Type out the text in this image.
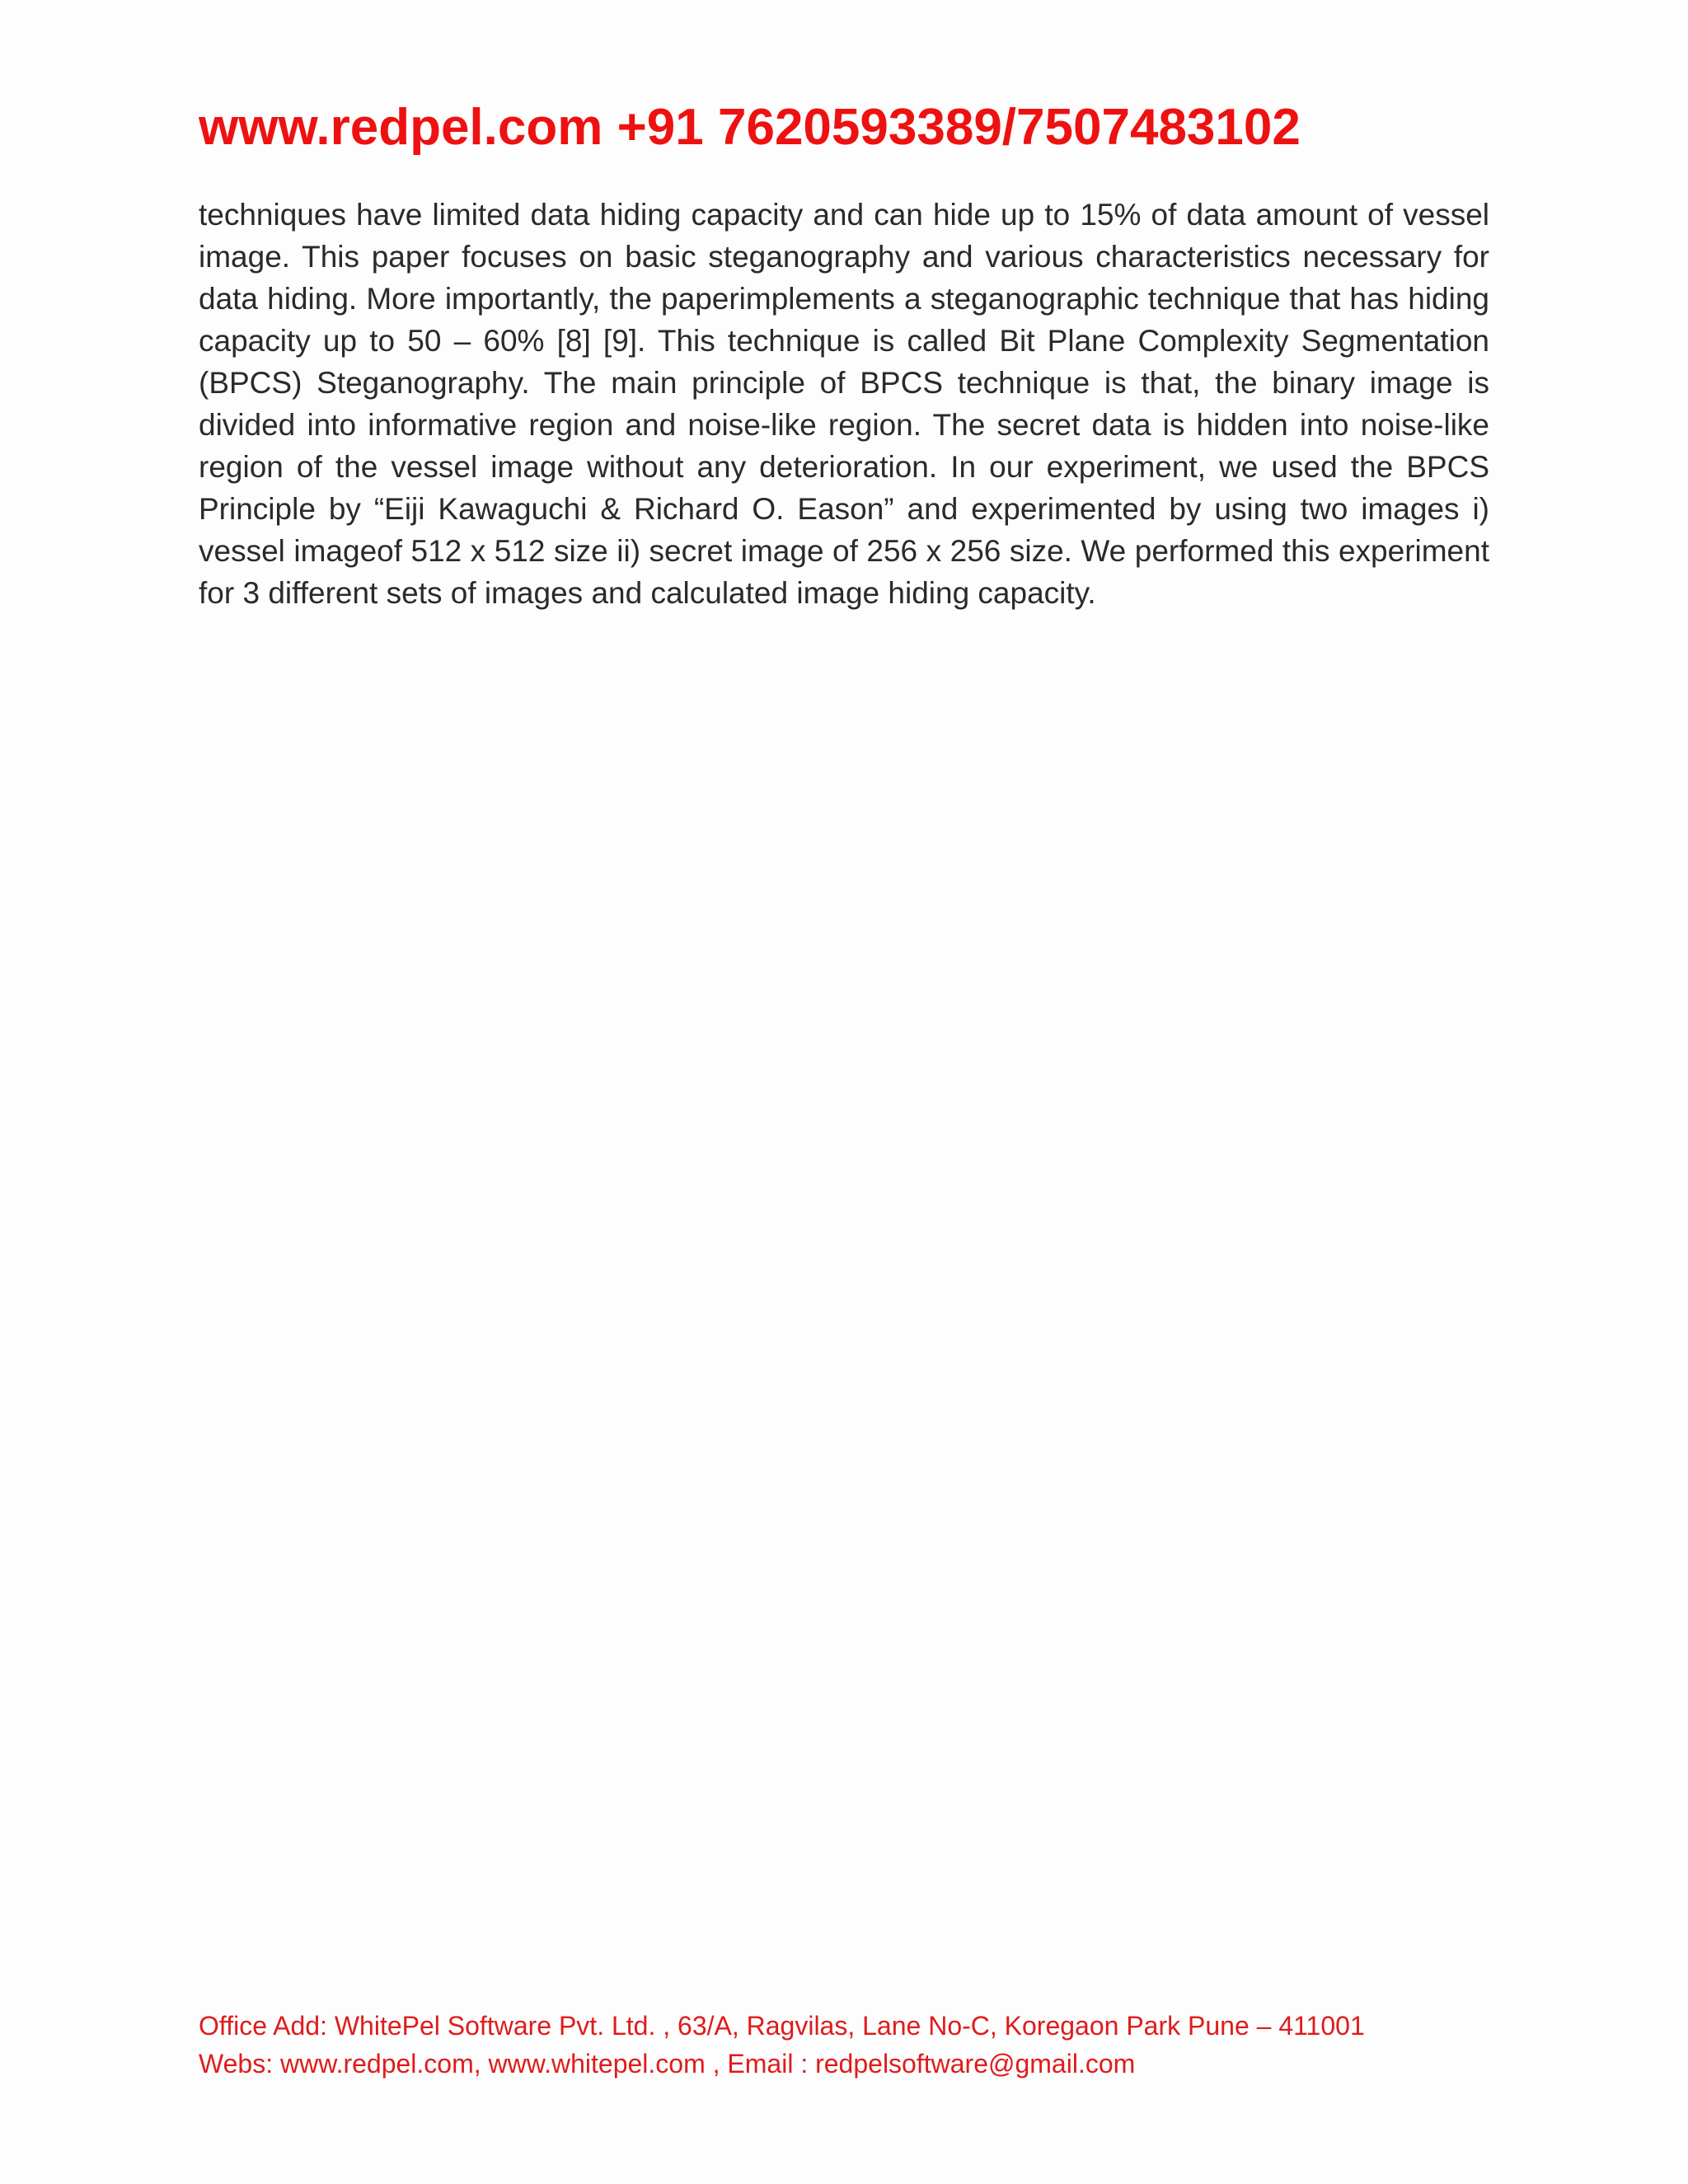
www.redpel.com +91 7620593389/7507483102

techniques have limited data hiding capacity and can hide up to 15% of data amount of vessel image. This paper focuses on basic steganography and various characteristics necessary for data hiding. More importantly, the paperimplements a steganographic technique that has hiding capacity up to 50 – 60% [8] [9]. This technique is called Bit Plane Complexity Segmentation (BPCS) Steganography. The main principle of BPCS technique is that, the binary image is divided into informative region and noise-like region. The secret data is hidden into noise-like region of the vessel image without any deterioration. In our experiment, we used the BPCS Principle by “Eiji Kawaguchi & Richard O. Eason” and experimented by using two images i) vessel imageof 512 x 512 size ii) secret image of 256 x 256 size. We performed this experiment for 3 different sets of images and calculated image hiding capacity.

Office Add: WhitePel Software Pvt. Ltd. , 63/A, Ragvilas, Lane No-C, Koregaon Park Pune – 411001
Webs: www.redpel.com, www.whitepel.com , Email : redpelsoftware@gmail.com
